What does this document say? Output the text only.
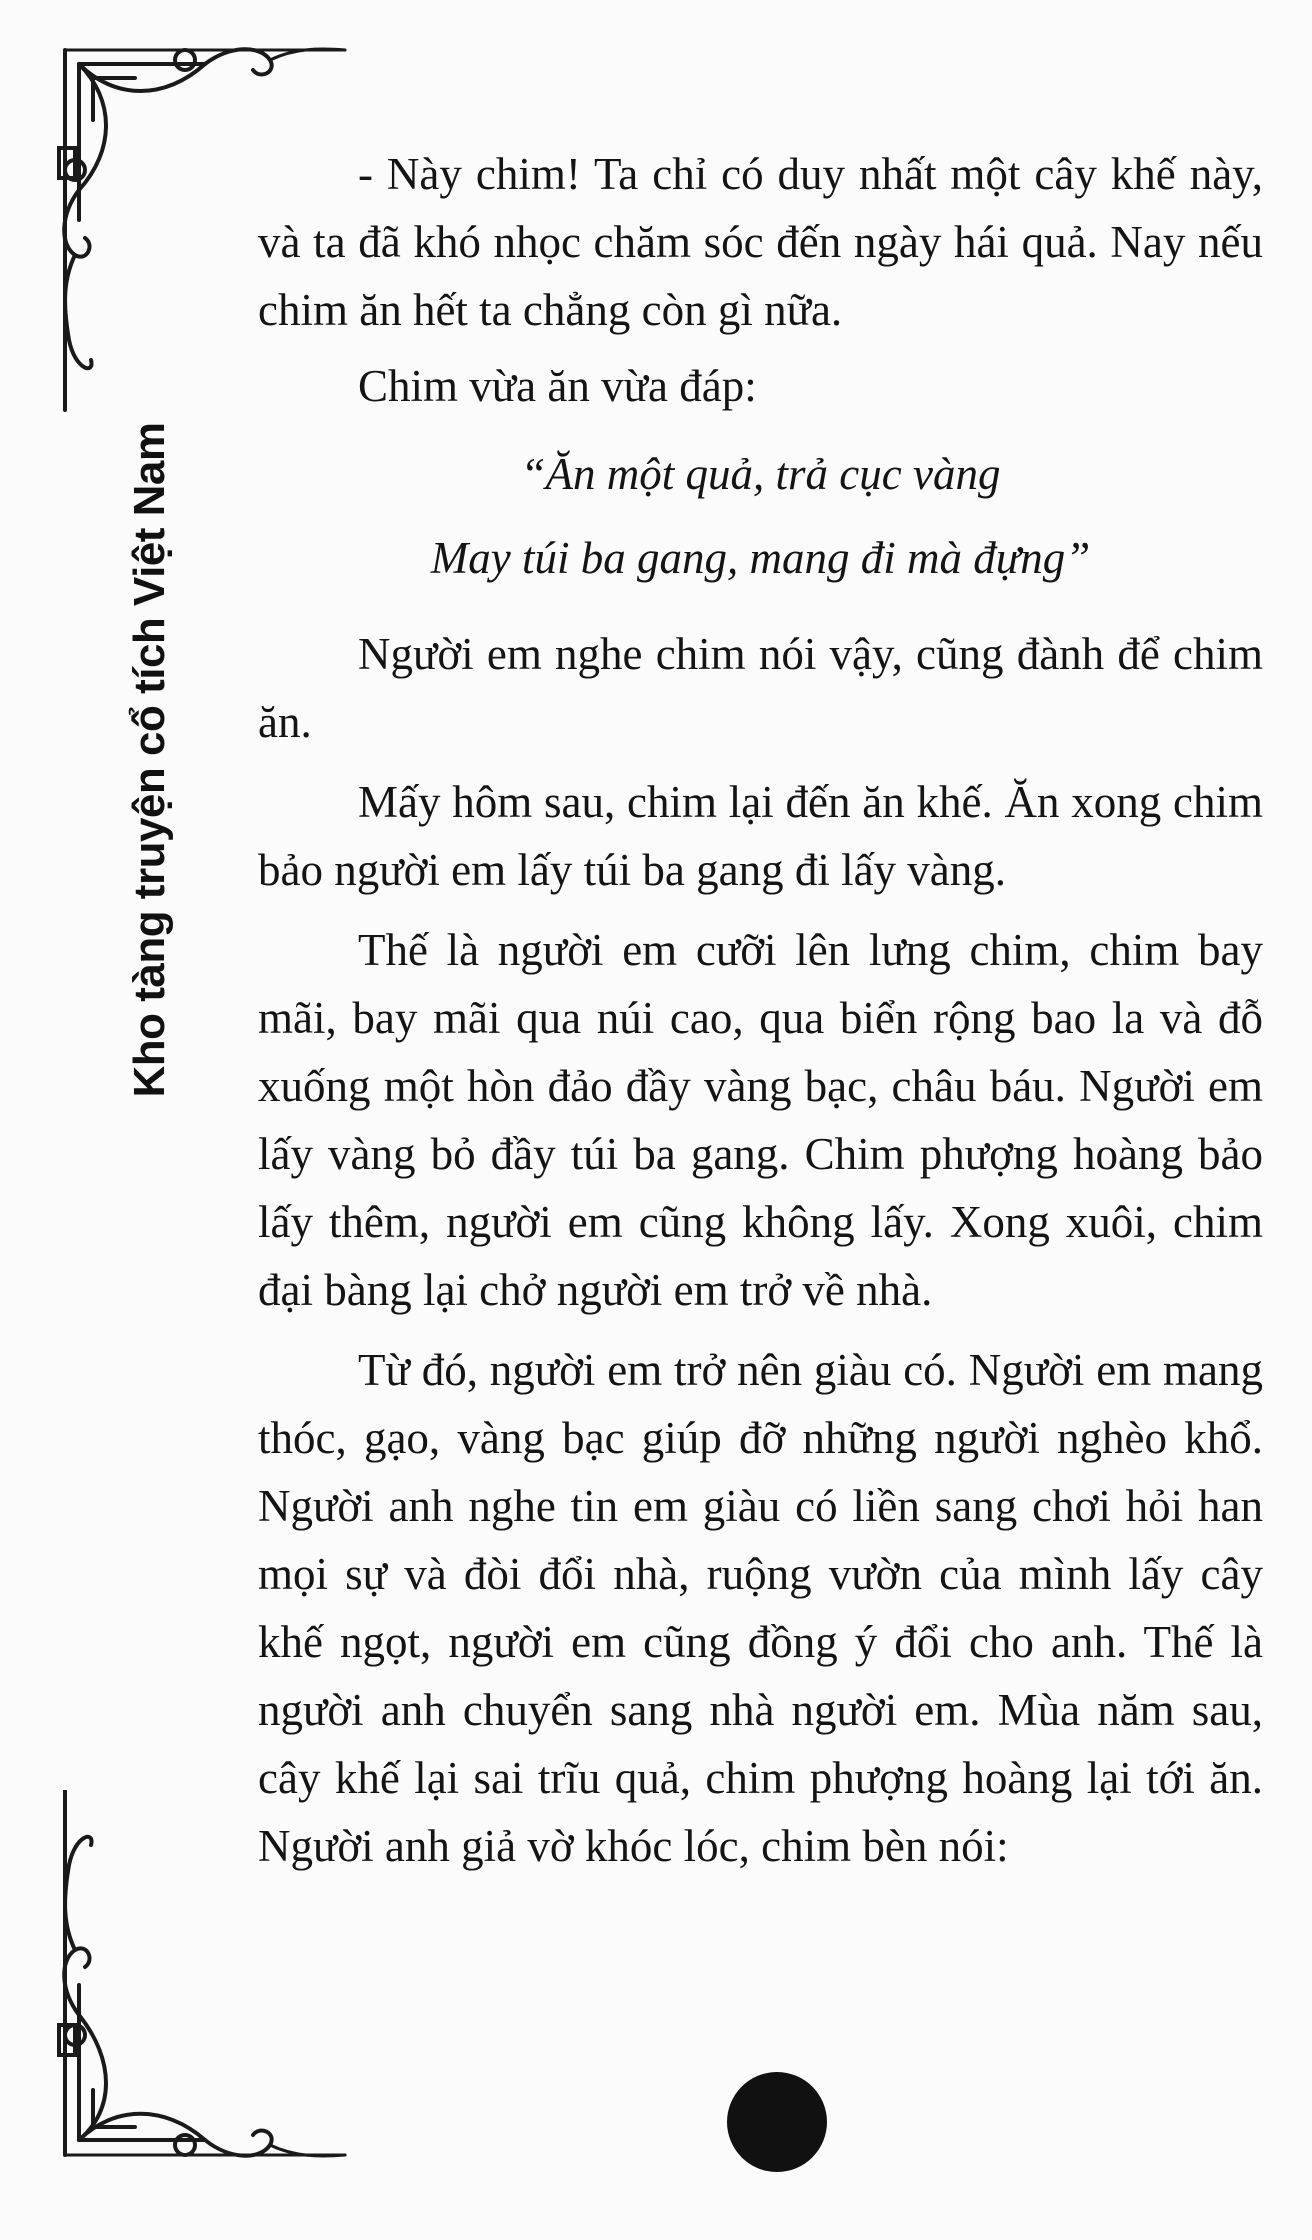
Kho tàng truyện cổ tích Việt Nam

- Này chim! Ta chỉ có duy nhất một cây khế này, và ta đã khó nhọc chăm sóc đến ngày hái quả. Nay nếu chim ăn hết ta chẳng còn gì nữa.

Chim vừa ăn vừa đáp:

“Ăn một quả, trả cục vàng

May túi ba gang, mang đi mà đựng”

Người em nghe chim nói vậy, cũng đành để chim ăn.

Mấy hôm sau, chim lại đến ăn khế. Ăn xong chim bảo người em lấy túi ba gang đi lấy vàng.

Thế là người em cưỡi lên lưng chim, chim bay mãi, bay mãi qua núi cao, qua biển rộng bao la và đỗ xuống một hòn đảo đầy vàng bạc, châu báu. Người em lấy vàng bỏ đầy túi ba gang. Chim phượng hoàng bảo lấy thêm, người em cũng không lấy. Xong xuôi, chim đại bàng lại chở người em trở về nhà.

Từ đó, người em trở nên giàu có. Người em mang thóc, gạo, vàng bạc giúp đỡ những người nghèo khổ. Người anh nghe tin em giàu có liền sang chơi hỏi han mọi sự và đòi đổi nhà, ruộng vườn của mình lấy cây khế ngọt, người em cũng đồng ý đổi cho anh. Thế là người anh chuyển sang nhà người em. Mùa năm sau, cây khế lại sai trĩu quả, chim phượng hoàng lại tới ăn. Người anh giả vờ khóc lóc, chim bèn nói:
